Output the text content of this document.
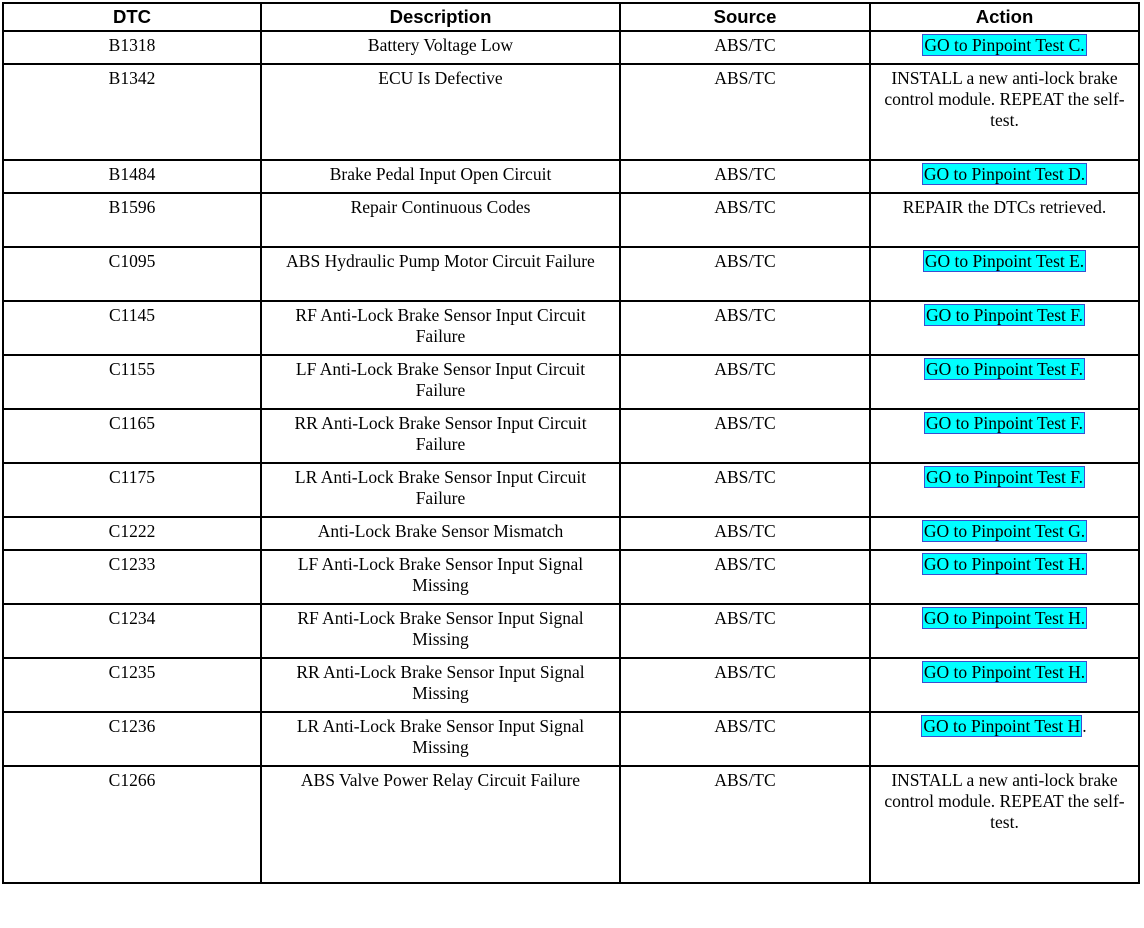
DTC	Description	Source	Action
B1318	Battery Voltage Low	ABS/TC	GO to Pinpoint Test C.
B1342	ECU Is Defective	ABS/TC	INSTALL a new anti-lock brake control module. REPEAT the self-test.
B1484	Brake Pedal Input Open Circuit	ABS/TC	GO to Pinpoint Test D.
B1596	Repair Continuous Codes	ABS/TC	REPAIR the DTCs retrieved.
C1095	ABS Hydraulic Pump Motor Circuit Failure	ABS/TC	GO to Pinpoint Test E.
C1145	RF Anti-Lock Brake Sensor Input Circuit Failure	ABS/TC	GO to Pinpoint Test F.
C1155	LF Anti-Lock Brake Sensor Input Circuit Failure	ABS/TC	GO to Pinpoint Test F.
C1165	RR Anti-Lock Brake Sensor Input Circuit Failure	ABS/TC	GO to Pinpoint Test F.
C1175	LR Anti-Lock Brake Sensor Input Circuit Failure	ABS/TC	GO to Pinpoint Test F.
C1222	Anti-Lock Brake Sensor Mismatch	ABS/TC	GO to Pinpoint Test G.
C1233	LF Anti-Lock Brake Sensor Input Signal Missing	ABS/TC	GO to Pinpoint Test H.
C1234	RF Anti-Lock Brake Sensor Input Signal Missing	ABS/TC	GO to Pinpoint Test H.
C1235	RR Anti-Lock Brake Sensor Input Signal Missing	ABS/TC	GO to Pinpoint Test H.
C1236	LR Anti-Lock Brake Sensor Input Signal Missing	ABS/TC	GO to Pinpoint Test H .
C1266	ABS Valve Power Relay Circuit Failure	ABS/TC	INSTALL a new anti-lock brake control module. REPEAT the self-test.
